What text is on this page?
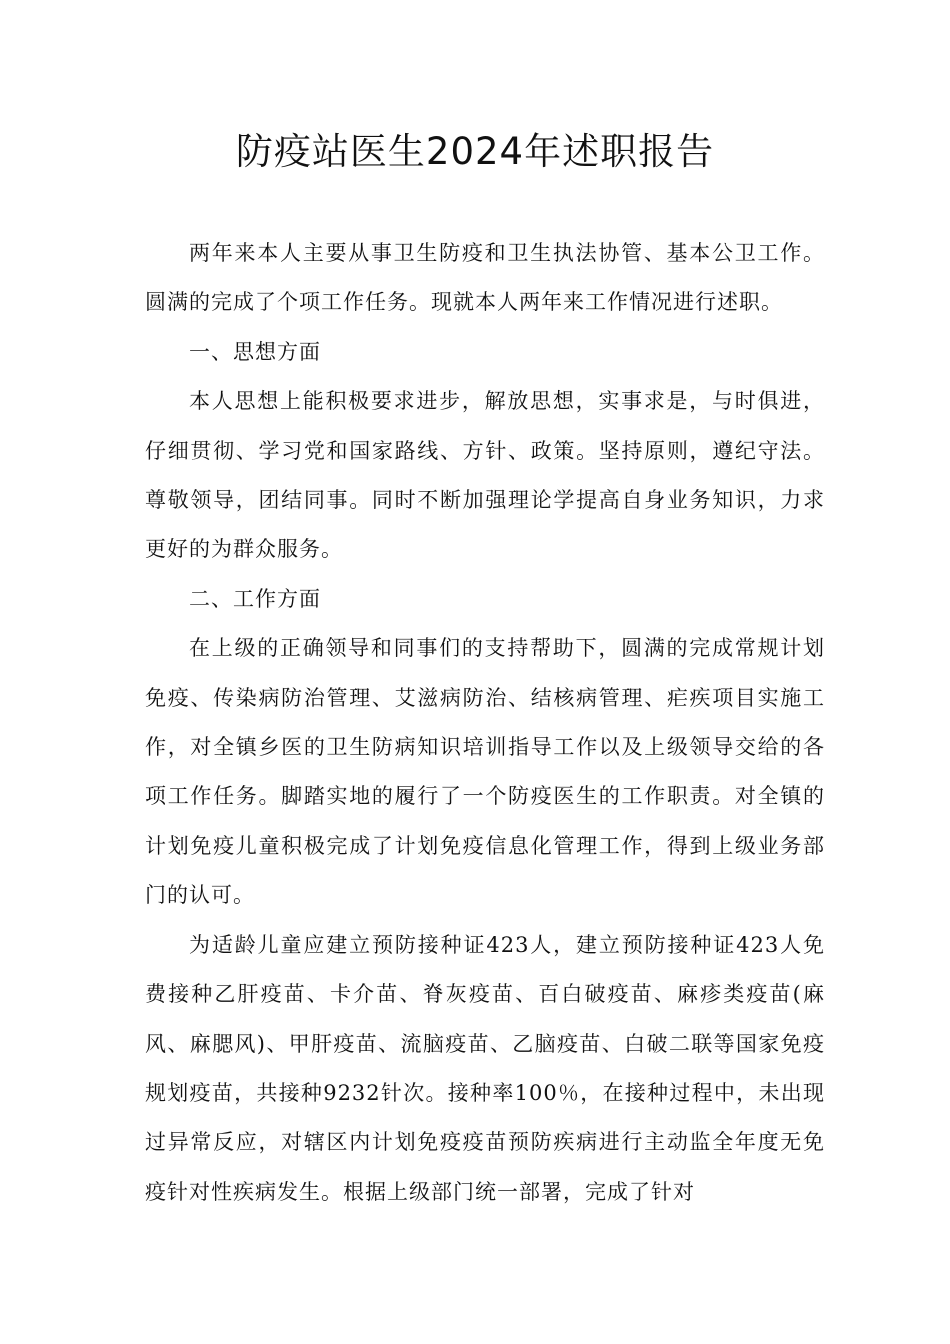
防疫站医生2024年述职报告

两年来本人主要从事卫生防疫和卫生执法协管、基本公卫工作。圆满的完成了个项工作任务。现就本人两年来工作情况进行述职。

一、思想方面

本人思想上能积极要求进步，解放思想，实事求是，与时俱进，仔细贯彻、学习党和国家路线、方针、政策。坚持原则，遵纪守法。尊敬领导，团结同事。同时不断加强理论学提高自身业务知识，力求更好的为群众服务。

二、工作方面

在上级的正确领导和同事们的支持帮助下，圆满的完成常规计划免疫、传染病防治管理、艾滋病防治、结核病管理、疟疾项目实施工作，对全镇乡医的卫生防病知识培训指导工作以及上级领导交给的各项工作任务。脚踏实地的履行了一个防疫医生的工作职责。对全镇的计划免疫儿童积极完成了计划免疫信息化管理工作，得到上级业务部门的认可。

为适龄儿童应建立预防接种证423人，建立预防接种证423人免费接种乙肝疫苗、卡介苗、脊灰疫苗、百白破疫苗、麻疹类疫苗(麻风、麻腮风)、甲肝疫苗、流脑疫苗、乙脑疫苗、白破二联等国家免疫规划疫苗，共接种9232针次。接种率100％，在接种过程中，未出现过异常反应，对辖区内计划免疫疫苗预防疾病进行主动监全年度无免疫针对性疾病发生。根据上级部门统一部署，完成了针对
